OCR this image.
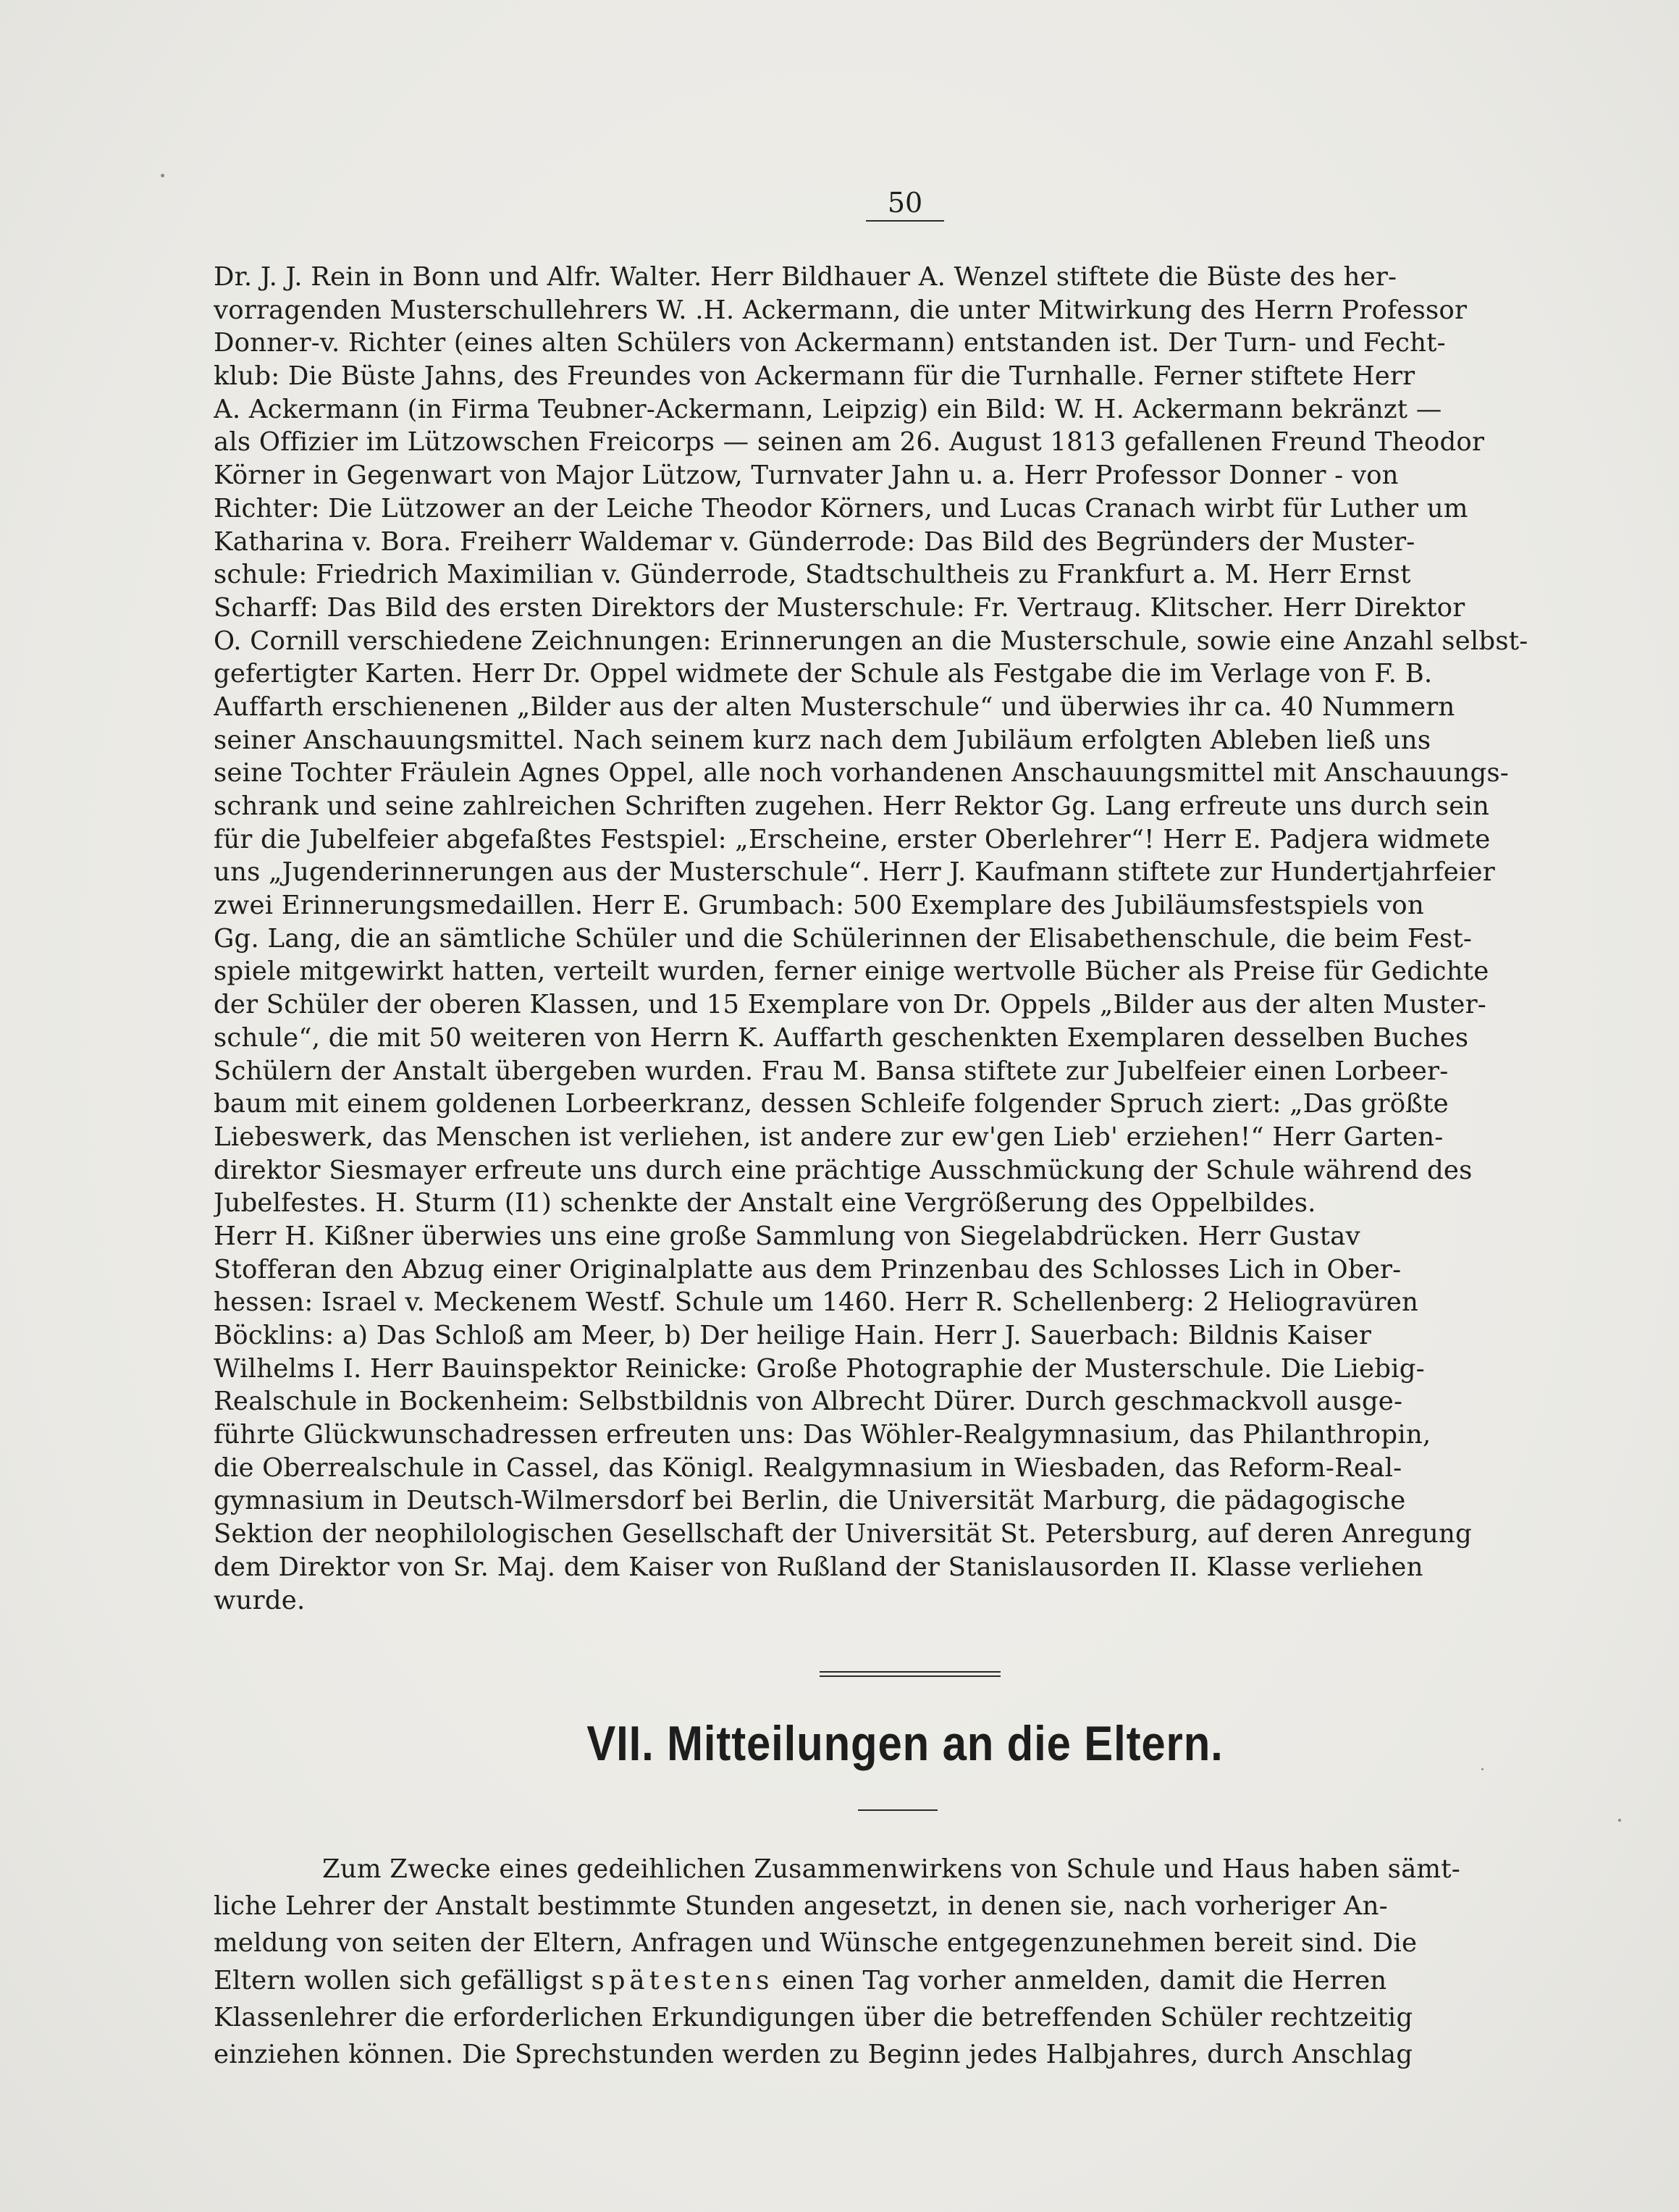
50
Dr. J. J. Rein in Bonn und Alfr. Walter. Herr Bildhauer A. Wenzel stiftete die Büste des her-
vorragenden Musterschullehrers W. .H. Ackermann, die unter Mitwirkung des Herrn Professor
Donner-v. Richter (eines alten Schülers von Ackermann) entstanden ist. Der Turn- und Fecht-
klub: Die Büste Jahns, des Freundes von Ackermann für die Turnhalle. Ferner stiftete Herr
A. Ackermann (in Firma Teubner-Ackermann, Leipzig) ein Bild: W. H. Ackermann bekränzt —
als Offizier im Lützowschen Freicorps — seinen am 26. August 1813 gefallenen Freund Theodor
Körner in Gegenwart von Major Lützow, Turnvater Jahn u. a. Herr Professor Donner - von
Richter: Die Lützower an der Leiche Theodor Körners, und Lucas Cranach wirbt für Luther um
Katharina v. Bora. Freiherr Waldemar v. Günderrode: Das Bild des Begründers der Muster-
schule: Friedrich Maximilian v. Günderrode, Stadtschultheis zu Frankfurt a. M. Herr Ernst
Scharff: Das Bild des ersten Direktors der Musterschule: Fr. Vertraug. Klitscher. Herr Direktor
O. Cornill verschiedene Zeichnungen: Erinnerungen an die Musterschule, sowie eine Anzahl selbst-
gefertigter Karten. Herr Dr. Oppel widmete der Schule als Festgabe die im Verlage von F. B.
Auffarth erschienenen „Bilder aus der alten Musterschule“ und überwies ihr ca. 40 Nummern
seiner Anschauungsmittel. Nach seinem kurz nach dem Jubiläum erfolgten Ableben ließ uns
seine Tochter Fräulein Agnes Oppel, alle noch vorhandenen Anschauungsmittel mit Anschauungs-
schrank und seine zahlreichen Schriften zugehen. Herr Rektor Gg. Lang erfreute uns durch sein
für die Jubelfeier abgefaßtes Festspiel: „Erscheine, erster Oberlehrer“! Herr E. Padjera widmete
uns „Jugenderinnerungen aus der Musterschule“. Herr J. Kaufmann stiftete zur Hundertjahrfeier
zwei Erinnerungsmedaillen. Herr E. Grumbach: 500 Exemplare des Jubiläumsfestspiels von
Gg. Lang, die an sämtliche Schüler und die Schülerinnen der Elisabethenschule, die beim Fest-
spiele mitgewirkt hatten, verteilt wurden, ferner einige wertvolle Bücher als Preise für Gedichte
der Schüler der oberen Klassen, und 15 Exemplare von Dr. Oppels „Bilder aus der alten Muster-
schule“, die mit 50 weiteren von Herrn K. Auffarth geschenkten Exemplaren desselben Buches
Schülern der Anstalt übergeben wurden. Frau M. Bansa stiftete zur Jubelfeier einen Lorbeer-
baum mit einem goldenen Lorbeerkranz, dessen Schleife folgender Spruch ziert: „Das größte
Liebeswerk, das Menschen ist verliehen, ist andere zur ew'gen Lieb' erziehen!“ Herr Garten-
direktor Siesmayer erfreute uns durch eine prächtige Ausschmückung der Schule während des
Jubelfestes. H. Sturm (I1) schenkte der Anstalt eine Vergrößerung des Oppelbildes.
Herr H. Kißner überwies uns eine große Sammlung von Siegelabdrücken. Herr Gustav
Stofferan den Abzug einer Originalplatte aus dem Prinzenbau des Schlosses Lich in Ober-
hessen: Israel v. Meckenem Westf. Schule um 1460. Herr R. Schellenberg: 2 Heliogravüren
Böcklins: a) Das Schloß am Meer, b) Der heilige Hain. Herr J. Sauerbach: Bildnis Kaiser
Wilhelms I. Herr Bauinspektor Reinicke: Große Photographie der Musterschule. Die Liebig-
Realschule in Bockenheim: Selbstbildnis von Albrecht Dürer. Durch geschmackvoll ausge-
führte Glückwunschadressen erfreuten uns: Das Wöhler-Realgymnasium, das Philanthropin,
die Oberrealschule in Cassel, das Königl. Realgymnasium in Wiesbaden, das Reform-Real-
gymnasium in Deutsch-Wilmersdorf bei Berlin, die Universität Marburg, die pädagogische
Sektion der neophilologischen Gesellschaft der Universität St. Petersburg, auf deren Anregung
dem Direktor von Sr. Maj. dem Kaiser von Rußland der Stanislausorden II. Klasse verliehen
wurde.
VII. Mitteilungen an die Eltern.
Zum Zwecke eines gedeihlichen Zusammenwirkens von Schule und Haus haben sämt-
liche Lehrer der Anstalt bestimmte Stunden angesetzt, in denen sie, nach vorheriger An-
meldung von seiten der Eltern, Anfragen und Wünsche entgegenzunehmen bereit sind. Die
Eltern wollen sich gefälligst spätestens einen Tag vorher anmelden, damit die Herren
Klassenlehrer die erforderlichen Erkundigungen über die betreffenden Schüler rechtzeitig
einziehen können. Die Sprechstunden werden zu Beginn jedes Halbjahres, durch Anschlag
